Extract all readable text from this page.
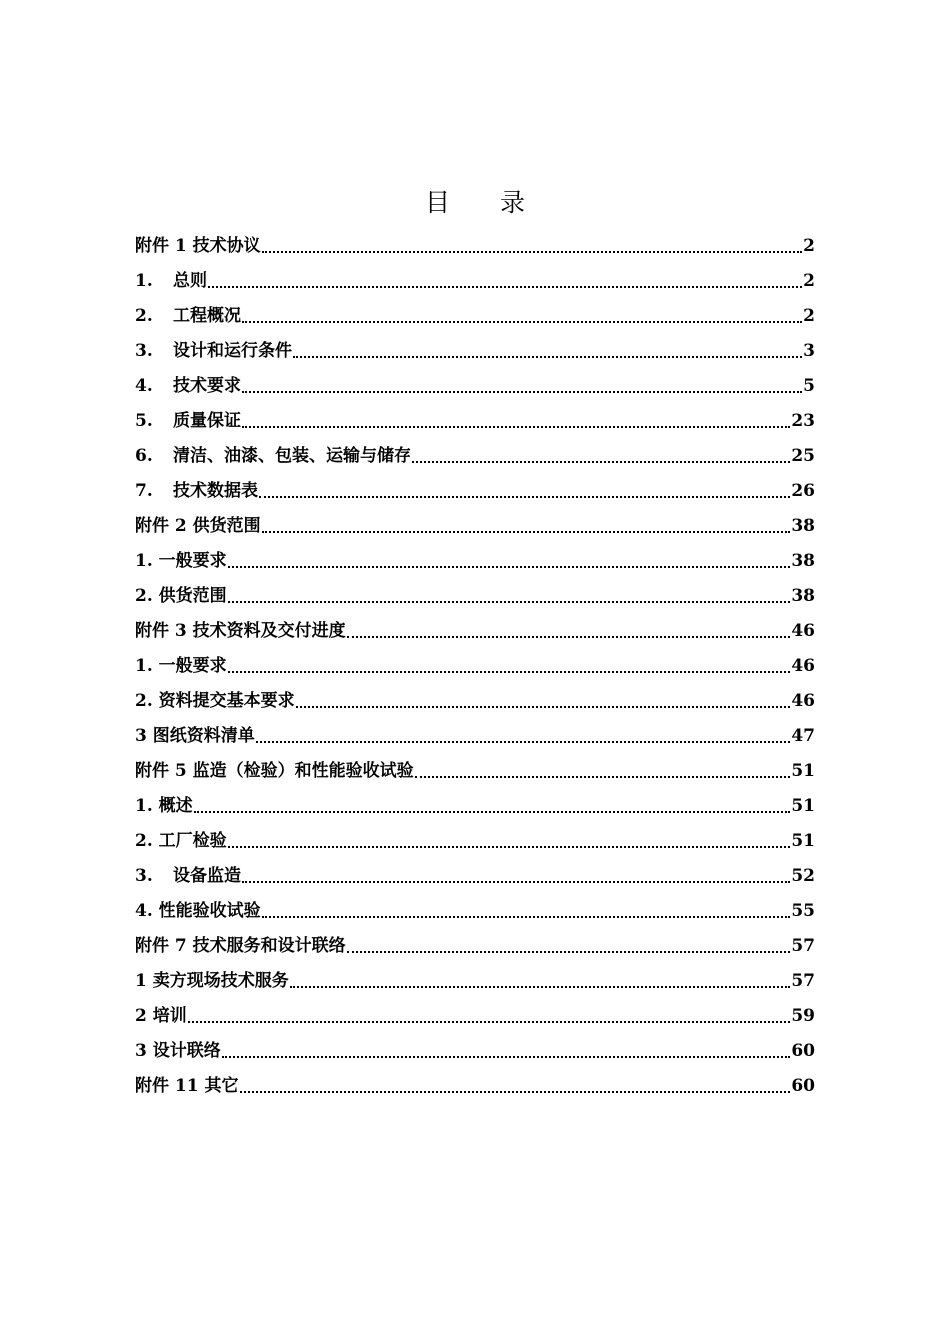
目 录
附件 1 技术协议	2
1.	总则	2
2.	工程概况	2
3.	设计和运行条件	3
4.	技术要求	5
5.	质量保证	23
6.	清洁、油漆、包装、运输与储存	25
7.	技术数据表	26
附件 2 供货范围	38
1. 一般要求	38
2. 供货范围	38
附件 3 技术资料及交付进度	46
1. 一般要求	46
2. 资料提交基本要求	46
3 图纸资料清单	47
附件 5 监造（检验）和性能验收试验	51
1. 概述	51
2. 工厂检验	51
3.	设备监造	52
4. 性能验收试验	55
附件 7 技术服务和设计联络	57
1 卖方现场技术服务	57
2 培训	59
3 设计联络	60
附件 11 其它	60
